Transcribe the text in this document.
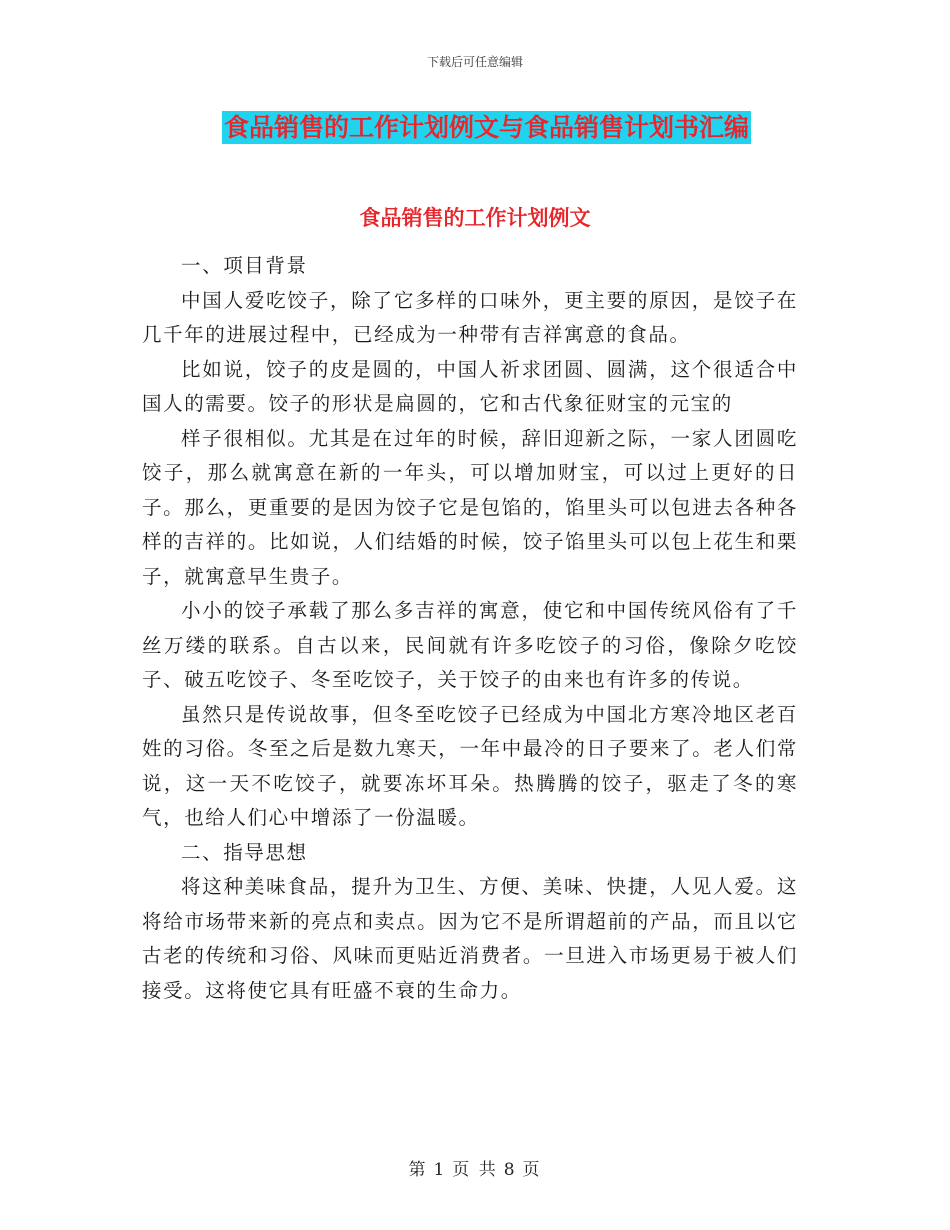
下载后可任意编辑
食品销售的工作计划例文与食品销售计划书汇编
食品销售的工作计划例文

一、项目背景

中国人爱吃饺子，除了它多样的口味外，更主要的原因，是饺子在几千年的进展过程中，已经成为一种带有吉祥寓意的食品。

比如说，饺子的皮是圆的，中国人祈求团圆、圆满，这个很适合中国人的需要。饺子的形状是扁圆的，它和古代象征财宝的元宝的

样子很相似。尤其是在过年的时候，辞旧迎新之际，一家人团圆吃饺子，那么就寓意在新的一年头，可以增加财宝，可以过上更好的日子。那么，更重要的是因为饺子它是包馅的，馅里头可以包进去各种各样的吉祥的。比如说，人们结婚的时候，饺子馅里头可以包上花生和栗子，就寓意早生贵子。

小小的饺子承载了那么多吉祥的寓意，使它和中国传统风俗有了千丝万缕的联系。自古以来，民间就有许多吃饺子的习俗，像除夕吃饺子、破五吃饺子、冬至吃饺子，关于饺子的由来也有许多的传说。

虽然只是传说故事，但冬至吃饺子已经成为中国北方寒冷地区老百姓的习俗。冬至之后是数九寒天，一年中最冷的日子要来了。老人们常说，这一天不吃饺子，就要冻坏耳朵。热腾腾的饺子，驱走了冬的寒气，也给人们心中增添了一份温暖。

二、指导思想

将这种美味食品，提升为卫生、方便、美味、快捷，人见人爱。这将给市场带来新的亮点和卖点。因为它不是所谓超前的产品，而且以它古老的传统和习俗、风味而更贴近消费者。一旦进入市场更易于被人们接受。这将使它具有旺盛不衰的生命力。

第 1 页 共 8 页
